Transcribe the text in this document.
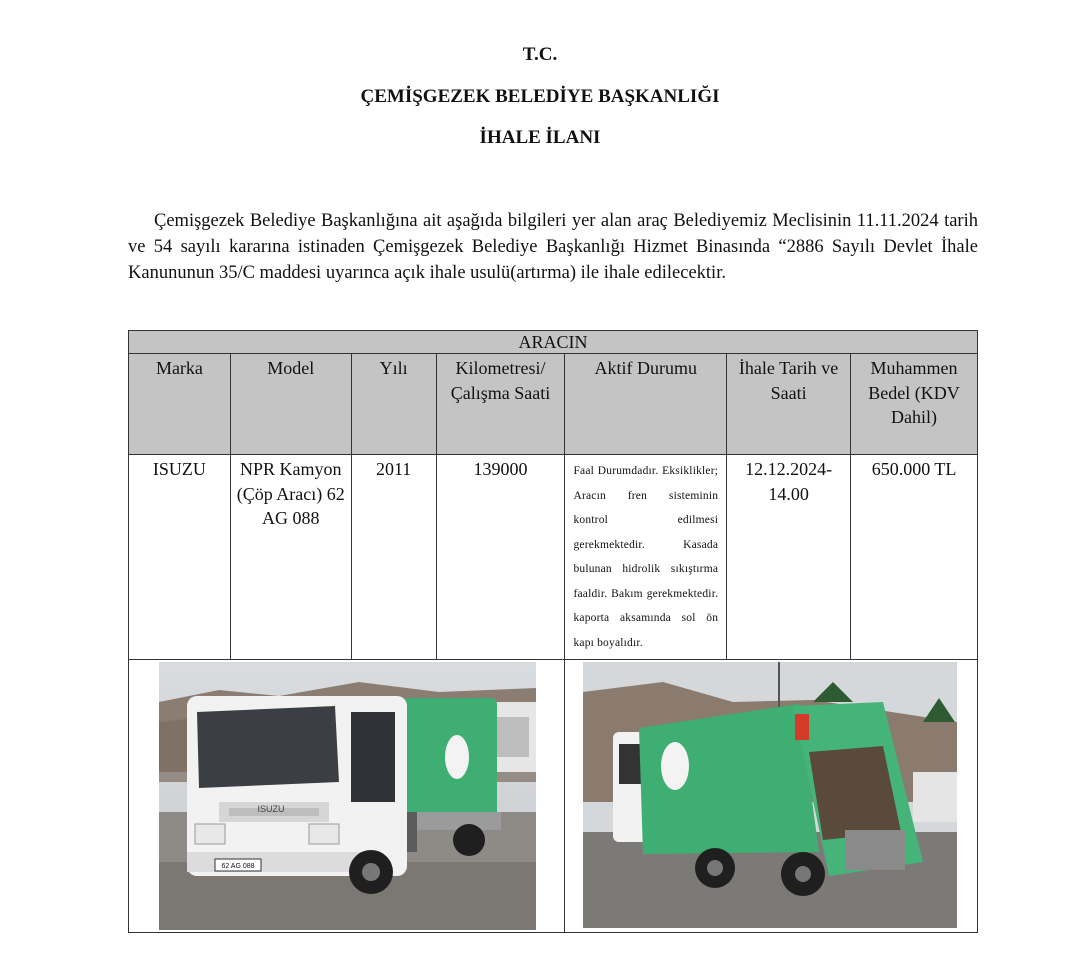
T.C.
ÇEMİŞGEZEK BELEDİYE BAŞKANLIĞI
İHALE İLANI
Çemişgezek Belediye Başkanlığına ait aşağıda bilgileri yer alan araç Belediyemiz Meclisinin 11.11.2024 tarih ve 54 sayılı kararına istinaden Çemişgezek Belediye Başkanlığı Hizmet Binasında “2886 Sayılı Devlet İhale Kanununun 35/C maddesi uyarınca açık ihale usulü(artırma) ile ihale edilecektir.
ARACIN						
Marka	Model	Yılı	Kilometresi/ Çalışma Saati	Aktif Durumu	İhale Tarih ve Saati	Muhammen Bedel (KDV Dahil)
ISUZU	NPR Kamyon (Çöp Aracı) 62 AG 088	2011	139000	Faal Durumdadır. Eksiklikler; Aracın fren sisteminin kontrol edilmesi gerekmektedir. Kasada bulunan hidrolik sıkıştırma faaldir. Bakım gerekmektedir. kaporta aksamında sol ön kapı boyalıdır.	12.12.2024-14.00	650.000 TL

62 AG 088
ISUZU
